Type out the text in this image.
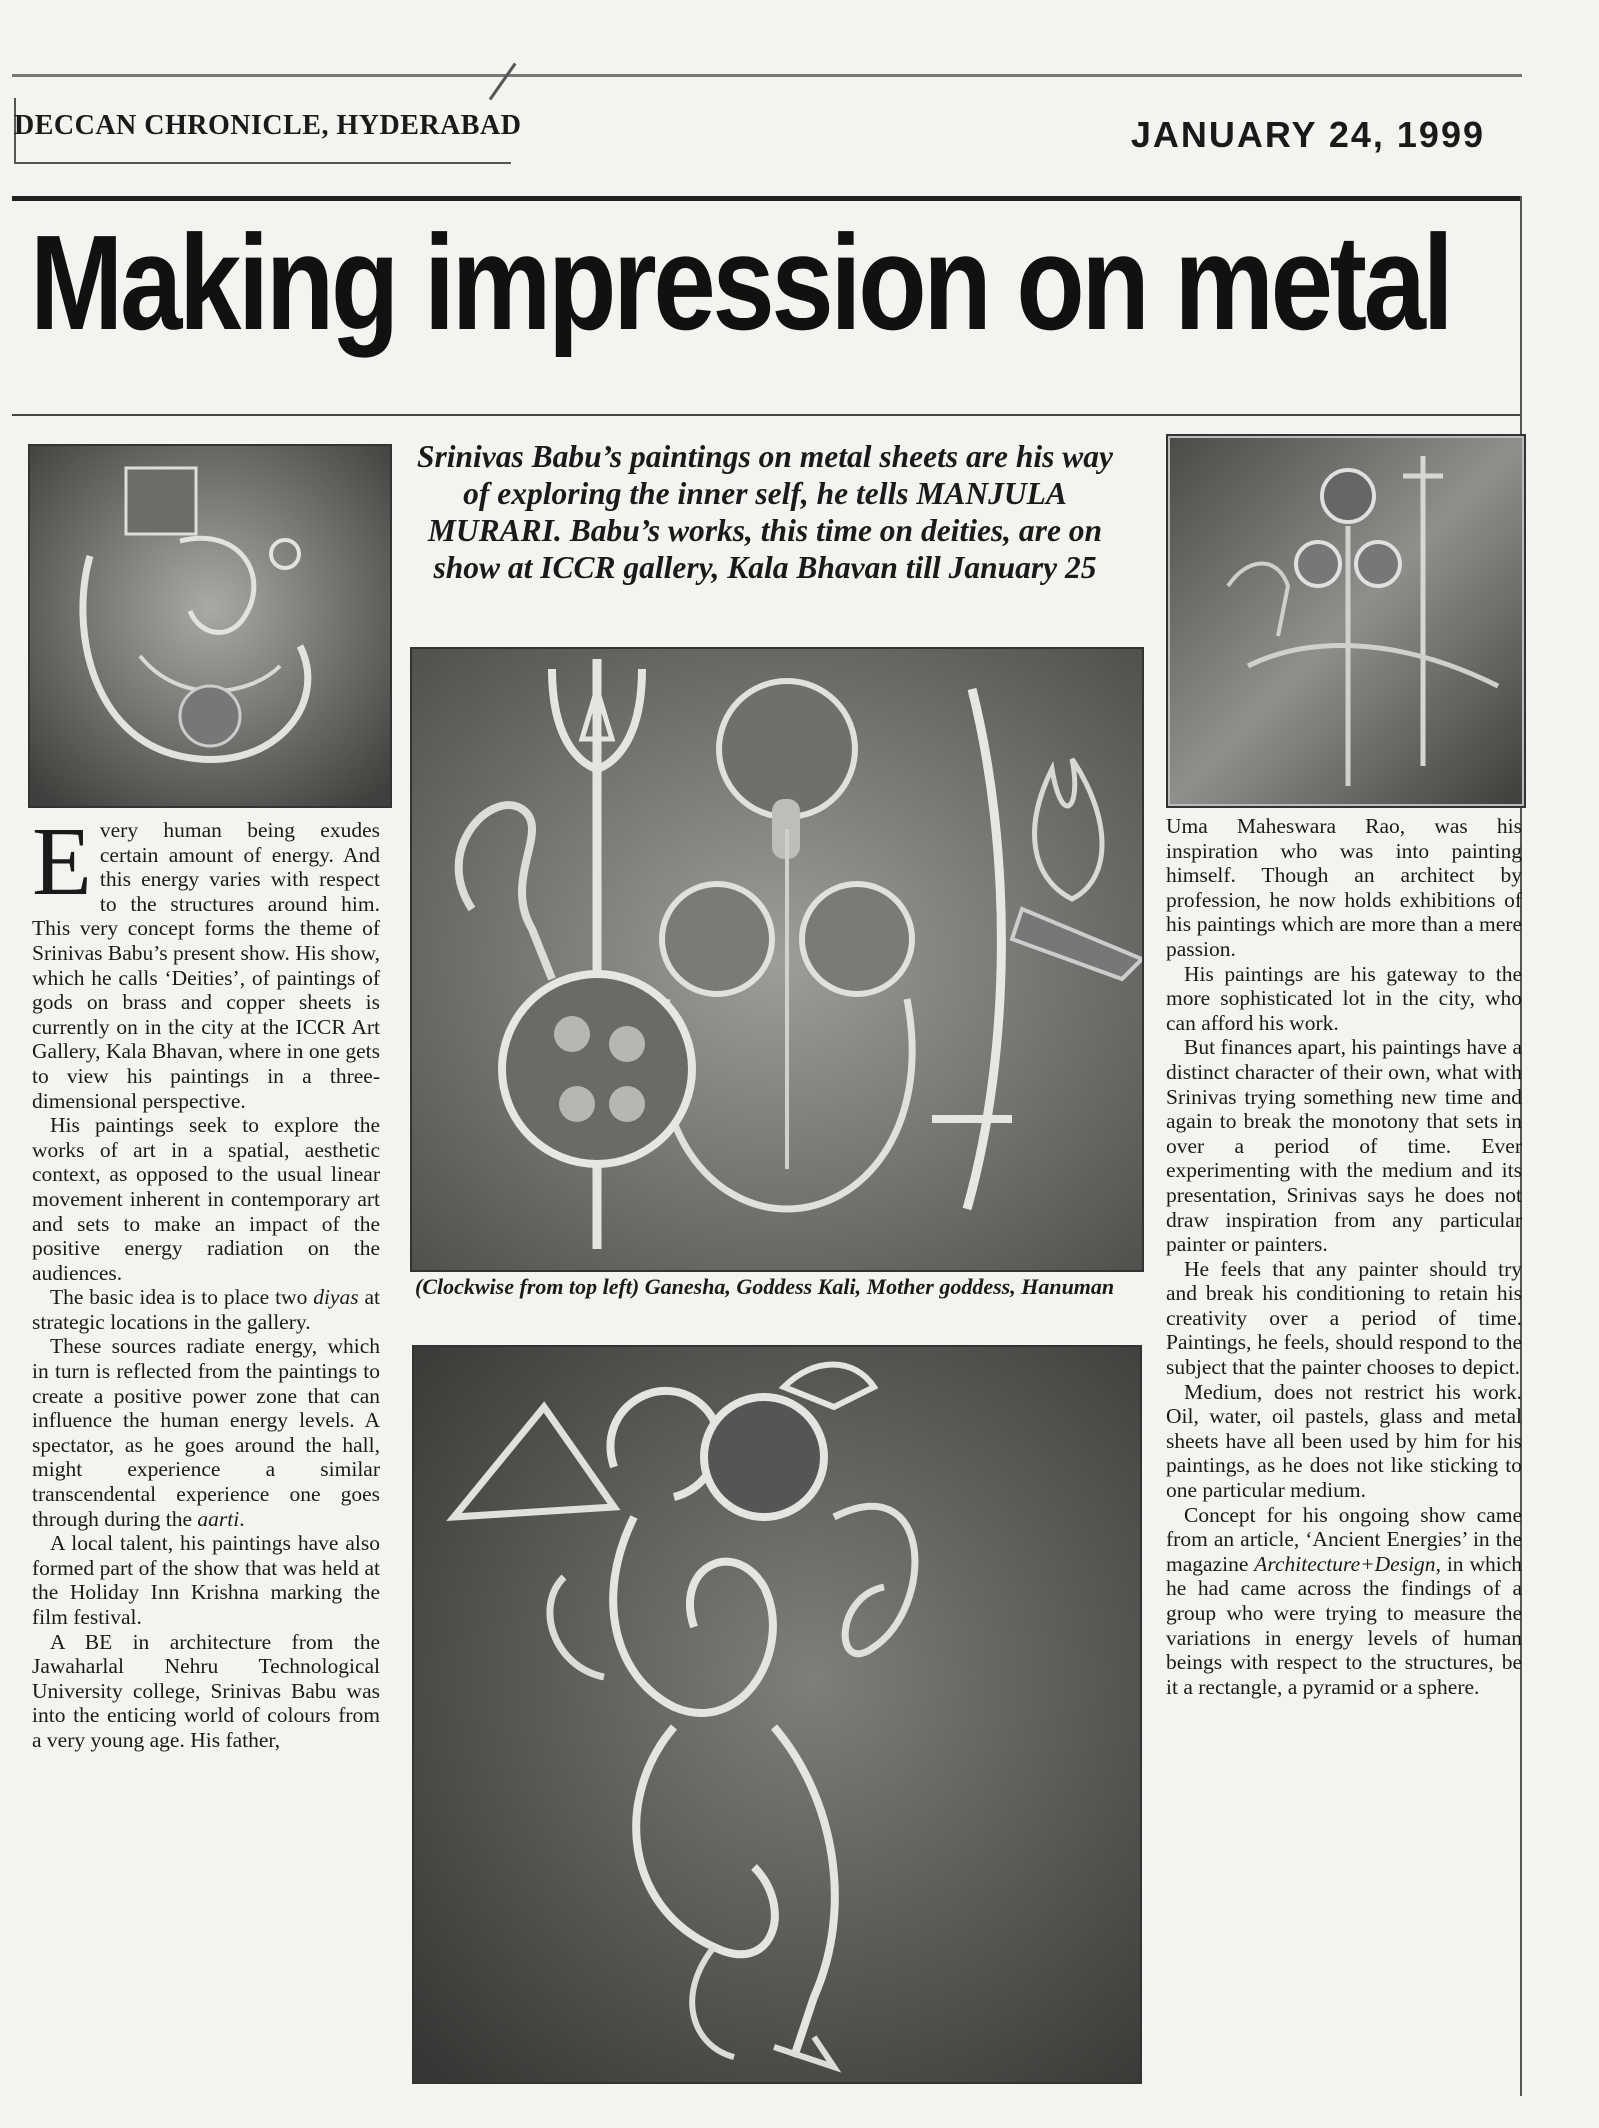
DECCAN CHRONICLE, HYDERABAD	JANUARY 24, 1999
Making impression on metal
Srinivas Babu’s paintings on metal sheets are his way of exploring the inner self, he tells MANJULA MURARI. Babu’s works, this time on deities, are on show at ICCR gallery, Kala Bhavan till January 25
(Clockwise from top left) Ganesha, Goddess Kali, Mother goddess, Hanuman

Every human being exudes certain amount of energy. And this energy varies with respect to the structures around him. This very concept forms the theme of Srinivas Babu’s present show. His show, which he calls ‘Deities’, of paintings of gods on brass and copper sheets is currently on in the city at the ICCR Art Gallery, Kala Bhavan, where in one gets to view his paintings in a three-dimensional perspective.

His paintings seek to explore the works of art in a spatial, aesthetic context, as opposed to the usual linear movement inherent in contemporary art and sets to make an impact of the positive energy radiation on the audiences.

The basic idea is to place two diyas at strategic locations in the gallery.

These sources radiate energy, which in turn is reflected from the paintings to create a positive power zone that can influence the human energy levels. A spectator, as he goes around the hall, might experience a similar transcendental experience one goes through during the aarti.

A local talent, his paintings have also formed part of the show that was held at the Holiday Inn Krishna marking the film festival.

A BE in architecture from the Jawaharlal Nehru Technological University college, Srinivas Babu was into the enticing world of colours from a very young age. His father,

Uma Maheswara Rao, was his inspiration who was into painting himself. Though an architect by profession, he now holds exhibitions of his paintings which are more than a mere passion.

His paintings are his gateway to the more sophisticated lot in the city, who can afford his work.

But finances apart, his paintings have a distinct character of their own, what with Srinivas trying something new time and again to break the monotony that sets in over a period of time. Ever experimenting with the medium and its presentation, Srinivas says he does not draw inspiration from any particular painter or painters.

He feels that any painter should try and break his conditioning to retain his creativity over a period of time. Paintings, he feels, should respond to the subject that the painter chooses to depict.

Medium, does not restrict his work. Oil, water, oil pastels, glass and metal sheets have all been used by him for his paintings, as he does not like sticking to one particular medium.

Concept for his ongoing show came from an article, ‘Ancient Energies’ in the magazine Architecture+Design, in which he had came across the findings of a group who were trying to measure the variations in energy levels of human beings with respect to the structures, be it a rectangle, a pyramid or a sphere.
